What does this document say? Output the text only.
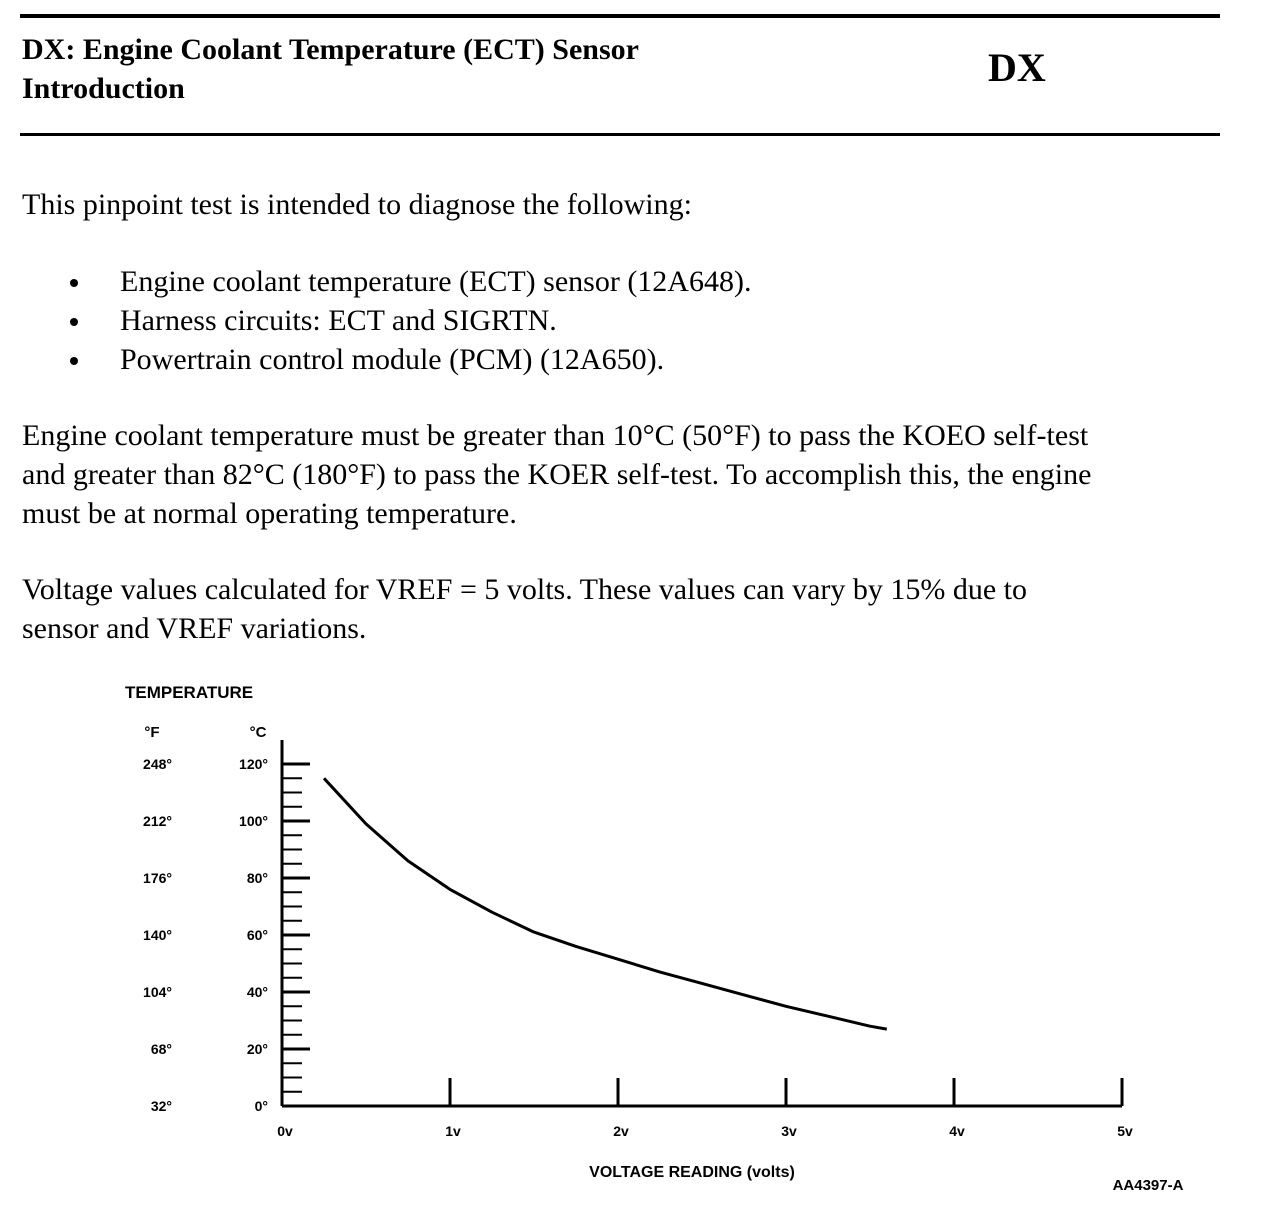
DX: Engine Coolant Temperature (ECT) Sensor
Introduction	DX

This pinpoint test is intended to diagnose the following:

Engine coolant temperature (ECT) sensor (12A648).
Harness circuits: ECT and SIGRTN.
Powertrain control module (PCM) (12A650).

Engine coolant temperature must be greater than 10°C (50°F) to pass the KOEO self-test
and greater than 82°C (180°F) to pass the KOER self-test. To accomplish this, the engine
must be at normal operating temperature.

Voltage values calculated for VREF = 5 volts. These values can vary by 15% due to
sensor and VREF variations.

TEMPERATURE
°F	°C
0°
32°
20°
68°
40°
104°
60°
140°
80°
176°
100°
212°
120°
248°
0v	1v	2v	3v	4v	5v
VOLTAGE READING (volts)
AA4397-A
